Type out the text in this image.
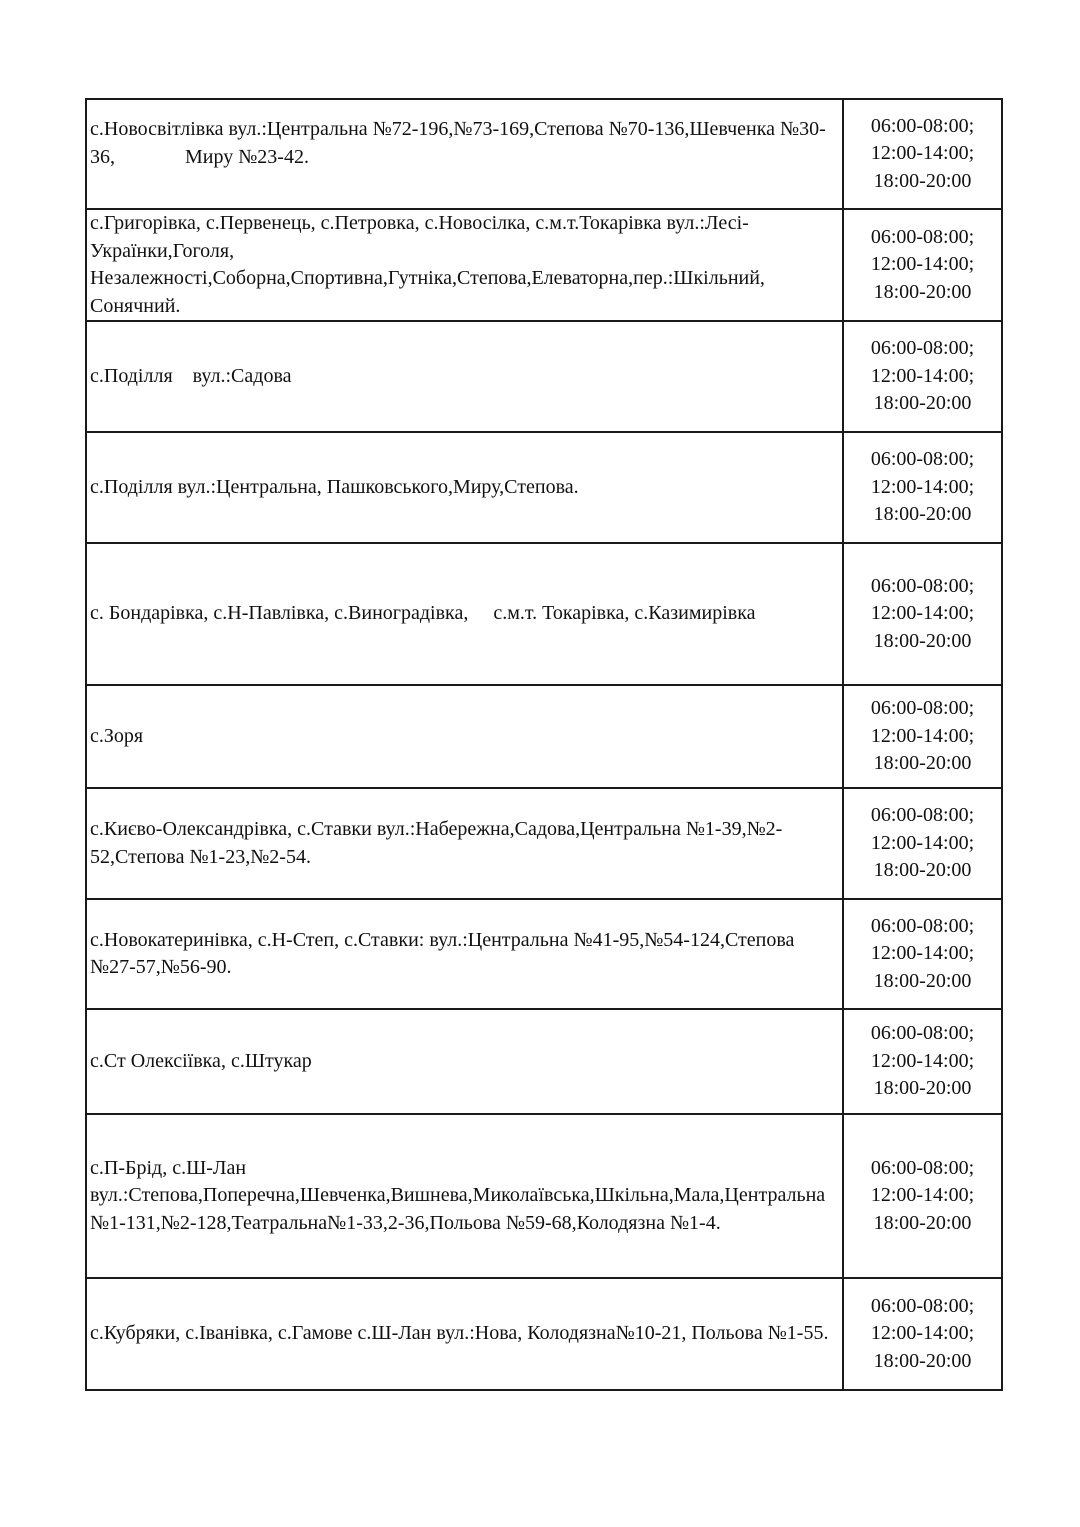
с.Новосвітлівка вул.:Центральна №72-196,№73-169,Степова №70-136,Шевченка №30-36,              Миру №23-42.	06:00-08:00;
12:00-14:00;
18:00-20:00

с.Григорівка, с.Первенець, с.Петровка, с.Новосілка, с.м.т.Токарівка вул.:Лесі-Українки,Гоголя,
Незалежності,Соборна,Спортивна,Гутніка,Степова,Елеваторна,пер.:Шкільний, Сонячний.	06:00-08:00;
12:00-14:00;
18:00-20:00

с.Поділля    вул.:Садова	06:00-08:00;
12:00-14:00;
18:00-20:00

с.Поділля вул.:Центральна, Пашковського,Миру,Степова.	06:00-08:00;
12:00-14:00;
18:00-20:00

с. Бондарівка, с.Н-Павлівка, с.Виноградівка,     с.м.т. Токарівка, с.Казимирівка	06:00-08:00;
12:00-14:00;
18:00-20:00

с.Зоря	06:00-08:00;
12:00-14:00;
18:00-20:00

с.Києво-Олександрівка, с.Ставки вул.:Набережна,Садова,Центральна №1-39,№2-52,Степова №1-23,№2-54.	06:00-08:00;
12:00-14:00;
18:00-20:00

с.Новокатеринівка, с.Н-Степ, с.Ставки: вул.:Центральна №41-95,№54-124,Степова №27-57,№56-90.	06:00-08:00;
12:00-14:00;
18:00-20:00

с.Ст Олексіївка, с.Штукар	06:00-08:00;
12:00-14:00;
18:00-20:00

с.П-Брід, с.Ш-Лан
вул.:Степова,Поперечна,Шевченка,Вишнева,Миколаївська,Шкільна,Мала,Центральна №1-131,№2-128,Театральна№1-33,2-36,Польова №59-68,Колодязна №1-4.	06:00-08:00;
12:00-14:00;
18:00-20:00

с.Кубряки, с.Іванівка, с.Гамове с.Ш-Лан вул.:Нова, Колодязна№10-21, Польова №1-55.	06:00-08:00;
12:00-14:00;
18:00-20:00
